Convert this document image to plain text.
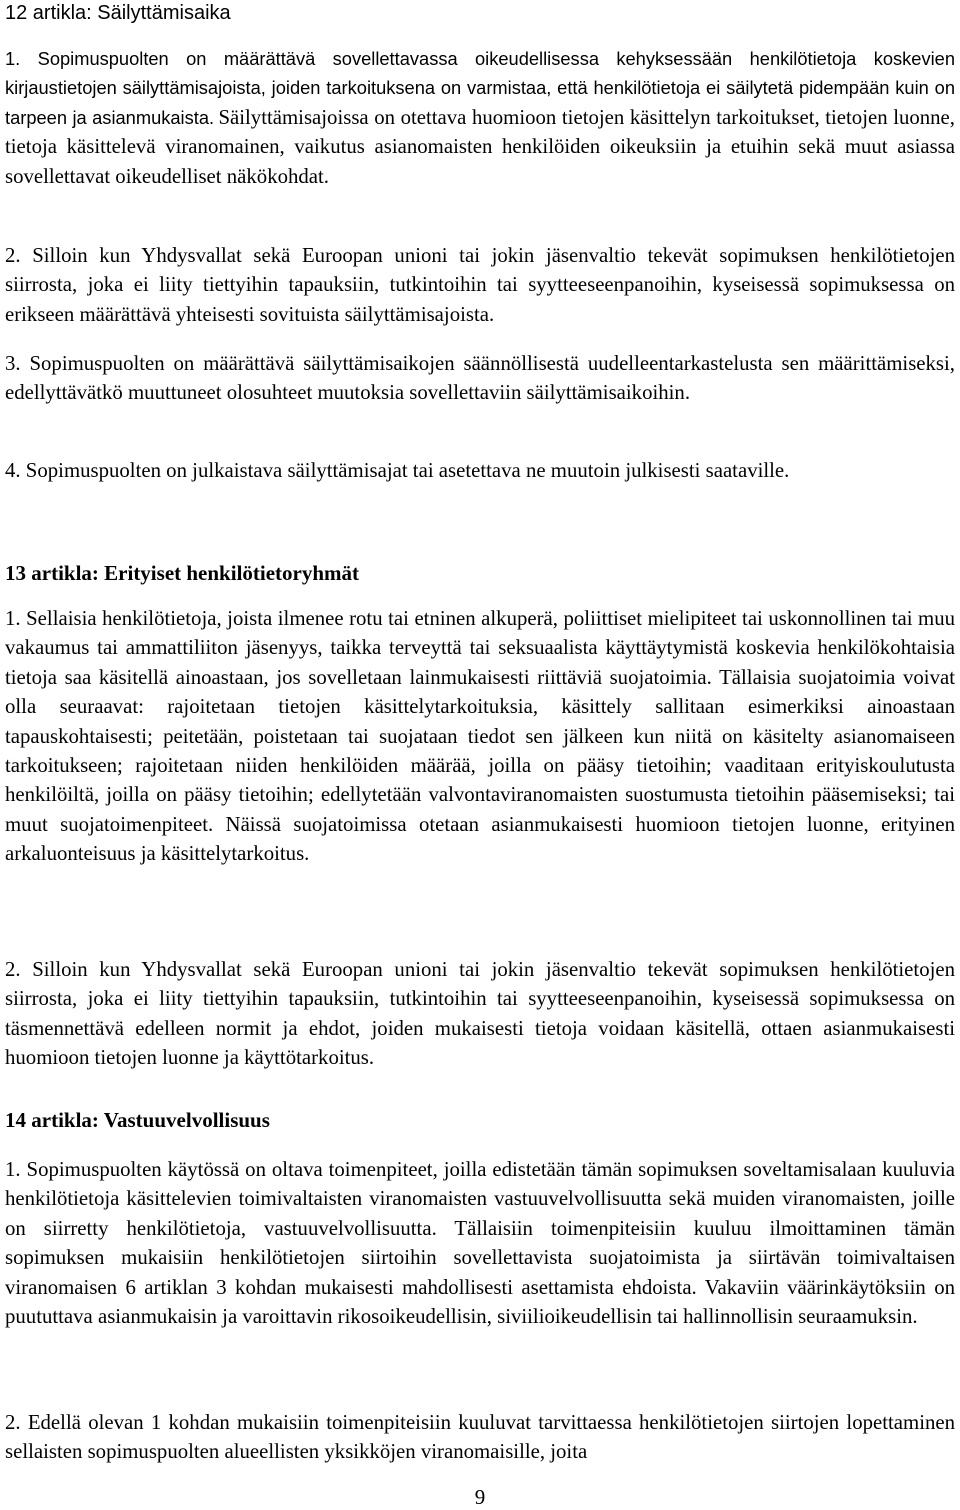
12 artikla: Säilyttämisaika

1. Sopimuspuolten on määrättävä sovellettavassa oikeudellisessa kehyksessään henkilötietoja koskevien kirjaustietojen säilyttämisajoista, joiden tarkoituksena on varmistaa, että henkilötietoja ei säilytetä pidempään kuin on tarpeen ja asianmukaista. Säilyttämisajoissa on otettava huomioon tietojen käsittelyn tarkoitukset, tietojen luonne, tietoja käsittelevä viranomainen, vaikutus asianomaisten henkilöiden oikeuksiin ja etuihin sekä muut asiassa sovellettavat oikeudelliset näkökohdat.

2. Silloin kun Yhdysvallat sekä Euroopan unioni tai jokin jäsenvaltio tekevät sopimuksen henkilötietojen siirrosta, joka ei liity tiettyihin tapauksiin, tutkintoihin tai syytteeseenpanoihin, kyseisessä sopimuksessa on erikseen määrättävä yhteisesti sovituista säilyttämisajoista.

3. Sopimuspuolten on määrättävä säilyttämisaikojen säännöllisestä uudelleentarkastelusta sen määrittämiseksi, edellyttävätkö muuttuneet olosuhteet muutoksia sovellettaviin säilyttämisaikoihin.

4. Sopimuspuolten on julkaistava säilyttämisajat tai asetettava ne muutoin julkisesti saataville.

13 artikla: Erityiset henkilötietoryhmät

1. Sellaisia henkilötietoja, joista ilmenee rotu tai etninen alkuperä, poliittiset mielipiteet tai uskonnollinen tai muu vakaumus tai ammattiliiton jäsenyys, taikka terveyttä tai seksuaalista käyttäytymistä koskevia henkilökohtaisia tietoja saa käsitellä ainoastaan, jos sovelletaan lainmukaisesti riittäviä suojatoimia. Tällaisia suojatoimia voivat olla seuraavat: rajoitetaan tietojen käsittelytarkoituksia, käsittely sallitaan esimerkiksi ainoastaan tapauskohtaisesti; peitetään, poistetaan tai suojataan tiedot sen jälkeen kun niitä on käsitelty asianomaiseen tarkoitukseen; rajoitetaan niiden henkilöiden määrää, joilla on pääsy tietoihin; vaaditaan erityiskoulutusta henkilöiltä, joilla on pääsy tietoihin; edellytetään valvontaviranomaisten suostumusta tietoihin pääsemiseksi; tai muut suojatoimenpiteet. Näissä suojatoimissa otetaan asianmukaisesti huomioon tietojen luonne, erityinen arkaluonteisuus ja käsittelytarkoitus.

2. Silloin kun Yhdysvallat sekä Euroopan unioni tai jokin jäsenvaltio tekevät sopimuksen henkilötietojen siirrosta, joka ei liity tiettyihin tapauksiin, tutkintoihin tai syytteeseenpanoihin, kyseisessä sopimuksessa on täsmennettävä edelleen normit ja ehdot, joiden mukaisesti tietoja voidaan käsitellä, ottaen asianmukaisesti huomioon tietojen luonne ja käyttötarkoitus.

14 artikla: Vastuuvelvollisuus

1. Sopimuspuolten käytössä on oltava toimenpiteet, joilla edistetään tämän sopimuksen soveltamisalaan kuuluvia henkilötietoja käsittelevien toimivaltaisten viranomaisten vastuuvelvollisuutta sekä muiden viranomaisten, joille on siirretty henkilötietoja, vastuuvelvollisuutta. Tällaisiin toimenpiteisiin kuuluu ilmoittaminen tämän sopimuksen mukaisiin henkilötietojen siirtoihin sovellettavista suojatoimista ja siirtävän toimivaltaisen viranomaisen 6 artiklan 3 kohdan mukaisesti mahdollisesti asettamista ehdoista. Vakaviin väärinkäytöksiin on puututtava asianmukaisin ja varoittavin rikosoikeudellisin, siviilioikeudellisin tai hallinnollisin seuraamuksin.

2. Edellä olevan 1 kohdan mukaisiin toimenpiteisiin kuuluvat tarvittaessa henkilötietojen siirtojen lopettaminen sellaisten sopimuspuolten alueellisten yksikköjen viranomaisille, joita

9
